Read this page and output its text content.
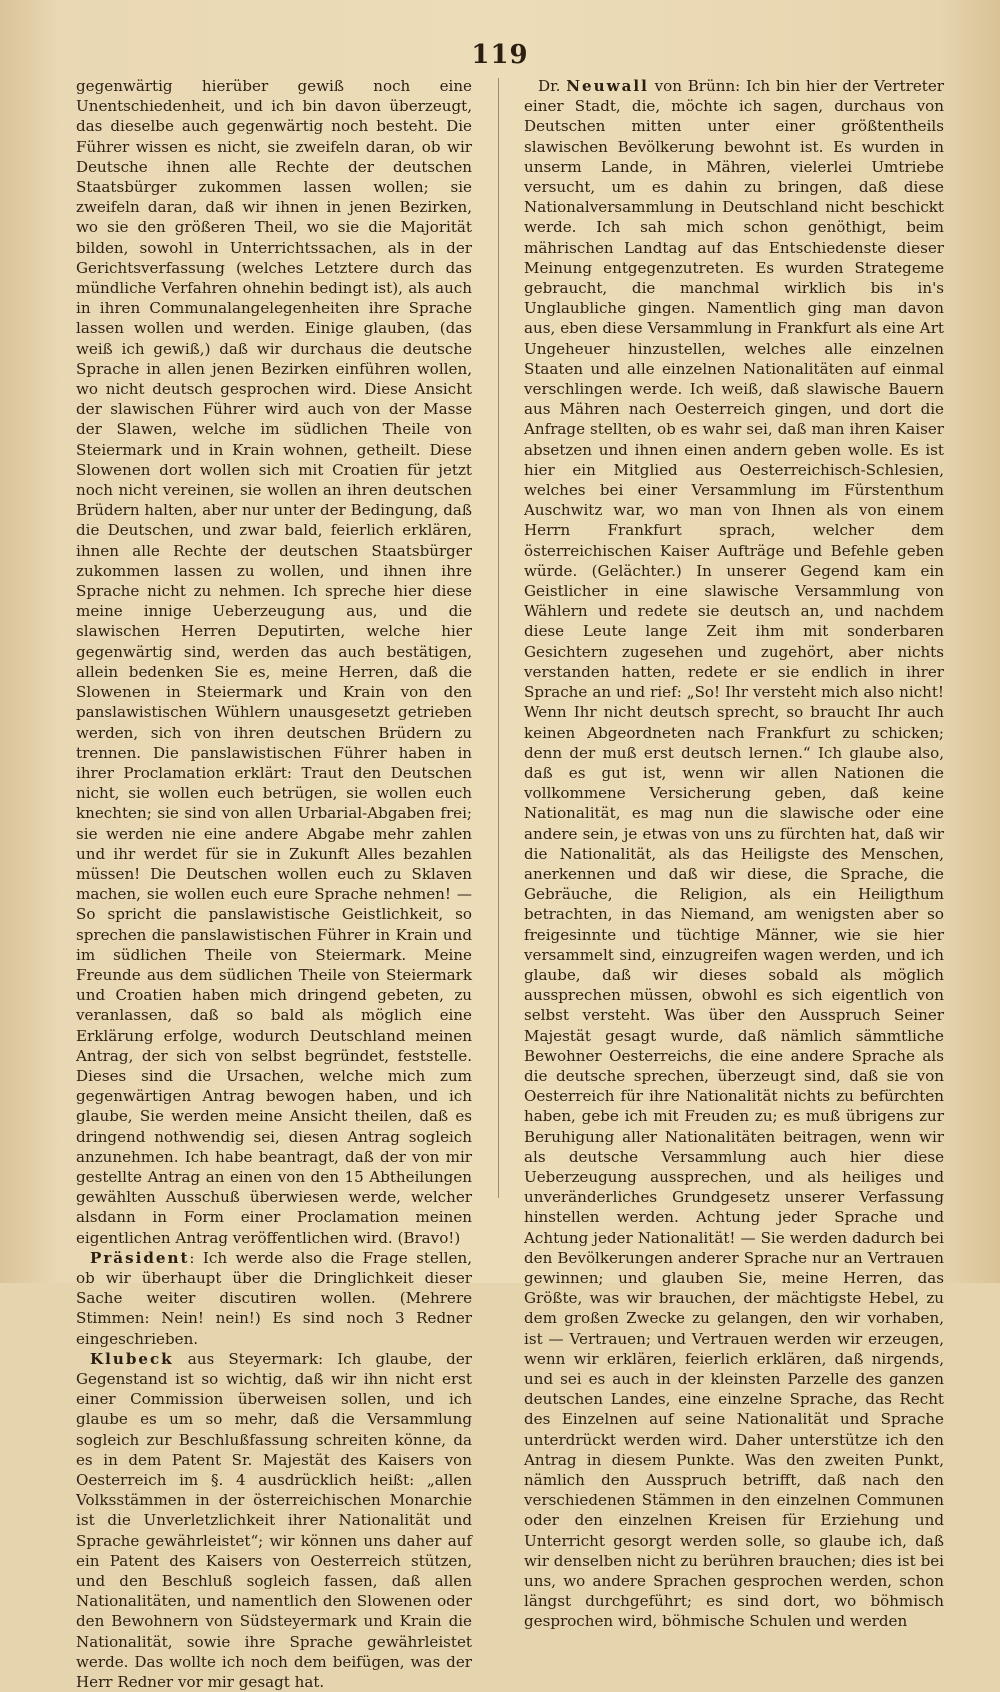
119

gegenwärtig hierüber gewiß noch eine Unentschiedenheit, und ich bin davon überzeugt, das dieselbe auch gegenwärtig noch besteht. Die Führer wissen es nicht, sie zweifeln daran, ob wir Deutsche ihnen alle Rechte der deutschen Staatsbürger zukommen lassen wollen; sie zweifeln daran, daß wir ihnen in jenen Bezirken, wo sie den größeren Theil, wo sie die Majorität bilden, sowohl in Unterrichtssachen, als in der Gerichtsverfassung (welches Letztere durch das mündliche Verfahren ohnehin bedingt ist), als auch in ihren Communalangelegenheiten ihre Sprache lassen wollen und werden. Einige glauben, (das weiß ich gewiß,) daß wir durchaus die deutsche Sprache in allen jenen Bezirken einführen wollen, wo nicht deutsch gesprochen wird. Diese Ansicht der slawischen Führer wird auch von der Masse der Slawen, welche im südlichen Theile von Steiermark und in Krain wohnen, getheilt. Diese Slowenen dort wollen sich mit Croatien für jetzt noch nicht vereinen, sie wollen an ihren deutschen Brüdern halten, aber nur unter der Bedingung, daß die Deutschen, und zwar bald, feierlich erklären, ihnen alle Rechte der deutschen Staatsbürger zukommen lassen zu wollen, und ihnen ihre Sprache nicht zu nehmen. Ich spreche hier diese meine innige Ueberzeugung aus, und die slawischen Herren Deputirten, welche hier gegenwärtig sind, werden das auch bestätigen, allein bedenken Sie es, meine Herren, daß die Slowenen in Steiermark und Krain von den panslawistischen Wühlern unausgesetzt getrieben werden, sich von ihren deutschen Brüdern zu trennen. Die panslawistischen Führer haben in ihrer Proclamation erklärt: Traut den Deutschen nicht, sie wollen euch betrügen, sie wollen euch knechten; sie sind von allen Urbarial-Abgaben frei; sie werden nie eine andere Abgabe mehr zahlen und ihr werdet für sie in Zukunft Alles bezahlen müssen! Die Deutschen wollen euch zu Sklaven machen, sie wollen euch eure Sprache nehmen! — So spricht die panslawistische Geistlichkeit, so sprechen die panslawistischen Führer in Krain und im südlichen Theile von Steiermark. Meine Freunde aus dem südlichen Theile von Steiermark und Croatien haben mich dringend gebeten, zu veranlassen, daß so bald als möglich eine Erklärung erfolge, wodurch Deutschland meinen Antrag, der sich von selbst begründet, feststelle. Dieses sind die Ursachen, welche mich zum gegenwärtigen Antrag bewogen haben, und ich glaube, Sie werden meine Ansicht theilen, daß es dringend nothwendig sei, diesen Antrag sogleich anzunehmen. Ich habe beantragt, daß der von mir gestellte Antrag an einen von den 15 Abtheilungen gewählten Ausschuß überwiesen werde, welcher alsdann in Form einer Proclamation meinen eigentlichen Antrag veröffentlichen wird. (Bravo!)

Präsident: Ich werde also die Frage stellen, ob wir überhaupt über die Dringlichkeit dieser Sache weiter discutiren wollen. (Mehrere Stimmen: Nein! nein!) Es sind noch 3 Redner eingeschrieben.

Klubeck aus Steyermark: Ich glaube, der Gegenstand ist so wichtig, daß wir ihn nicht erst einer Commission überweisen sollen, und ich glaube es um so mehr, daß die Versammlung sogleich zur Beschlußfassung schreiten könne, da es in dem Patent Sr. Majestät des Kaisers von Oesterreich im §. 4 ausdrücklich heißt: „allen Volksstämmen in der österreichischen Monarchie ist die Unverletzlichkeit ihrer Nationalität und Sprache gewährleistet“; wir können uns daher auf ein Patent des Kaisers von Oesterreich stützen, und den Beschluß sogleich fassen, daß allen Nationalitäten, und namentlich den Slowenen oder den Bewohnern von Südsteyermark und Krain die Nationalität, sowie ihre Sprache gewährleistet werde. Das wollte ich noch dem beifügen, was der Herr Redner vor mir gesagt hat.

Dr. Neuwall von Brünn: Ich bin hier der Vertreter einer Stadt, die, möchte ich sagen, durchaus von Deutschen mitten unter einer größtentheils slawischen Bevölkerung bewohnt ist. Es wurden in unserm Lande, in Mähren, vielerlei Umtriebe versucht, um es dahin zu bringen, daß diese Nationalversammlung in Deutschland nicht beschickt werde. Ich sah mich schon genöthigt, beim mährischen Landtag auf das Entschiedenste dieser Meinung entgegenzutreten. Es wurden Strategeme gebraucht, die manchmal wirklich bis in's Unglaubliche gingen. Namentlich ging man davon aus, eben diese Versammlung in Frankfurt als eine Art Ungeheuer hinzustellen, welches alle einzelnen Staaten und alle einzelnen Nationalitäten auf einmal verschlingen werde. Ich weiß, daß slawische Bauern aus Mähren nach Oesterreich gingen, und dort die Anfrage stellten, ob es wahr sei, daß man ihren Kaiser absetzen und ihnen einen andern geben wolle. Es ist hier ein Mitglied aus Oesterreichisch-Schlesien, welches bei einer Versammlung im Fürstenthum Auschwitz war, wo man von Ihnen als von einem Herrn Frankfurt sprach, welcher dem österreichischen Kaiser Aufträge und Befehle geben würde. (Gelächter.) In unserer Gegend kam ein Geistlicher in eine slawische Versammlung von Wählern und redete sie deutsch an, und nachdem diese Leute lange Zeit ihm mit sonderbaren Gesichtern zugesehen und zugehört, aber nichts verstanden hatten, redete er sie endlich in ihrer Sprache an und rief: „So! Ihr versteht mich also nicht! Wenn Ihr nicht deutsch sprecht, so braucht Ihr auch keinen Abgeordneten nach Frankfurt zu schicken; denn der muß erst deutsch lernen.“ Ich glaube also, daß es gut ist, wenn wir allen Nationen die vollkommene Versicherung geben, daß keine Nationalität, es mag nun die slawische oder eine andere sein, je etwas von uns zu fürchten hat, daß wir die Nationalität, als das Heiligste des Menschen, anerkennen und daß wir diese, die Sprache, die Gebräuche, die Religion, als ein Heiligthum betrachten, in das Niemand, am wenigsten aber so freigesinnte und tüchtige Männer, wie sie hier versammelt sind, einzugreifen wagen werden, und ich glaube, daß wir dieses sobald als möglich aussprechen müssen, obwohl es sich eigentlich von selbst versteht. Was über den Ausspruch Seiner Majestät gesagt wurde, daß nämlich sämmtliche Bewohner Oesterreichs, die eine andere Sprache als die deutsche sprechen, überzeugt sind, daß sie von Oesterreich für ihre Nationalität nichts zu befürchten haben, gebe ich mit Freuden zu; es muß übrigens zur Beruhigung aller Nationalitäten beitragen, wenn wir als deutsche Versammlung auch hier diese Ueberzeugung aussprechen, und als heiliges und unveränderliches Grundgesetz unserer Verfassung hinstellen werden. Achtung jeder Sprache und Achtung jeder Nationalität! — Sie werden dadurch bei den Bevölkerungen anderer Sprache nur an Vertrauen gewinnen; und glauben Sie, meine Herren, das Größte, was wir brauchen, der mächtigste Hebel, zu dem großen Zwecke zu gelangen, den wir vorhaben, ist — Vertrauen; und Vertrauen werden wir erzeugen, wenn wir erklären, feierlich erklären, daß nirgends, und sei es auch in der kleinsten Parzelle des ganzen deutschen Landes, eine einzelne Sprache, das Recht des Einzelnen auf seine Nationalität und Sprache unterdrückt werden wird. Daher unterstütze ich den Antrag in diesem Punkte. Was den zweiten Punkt, nämlich den Ausspruch betrifft, daß nach den verschiedenen Stämmen in den einzelnen Communen oder den einzelnen Kreisen für Erziehung und Unterricht gesorgt werden solle, so glaube ich, daß wir denselben nicht zu berühren brauchen; dies ist bei uns, wo andere Sprachen gesprochen werden, schon längst durchgeführt; es sind dort, wo böhmisch gesprochen wird, böhmische Schulen und werden
